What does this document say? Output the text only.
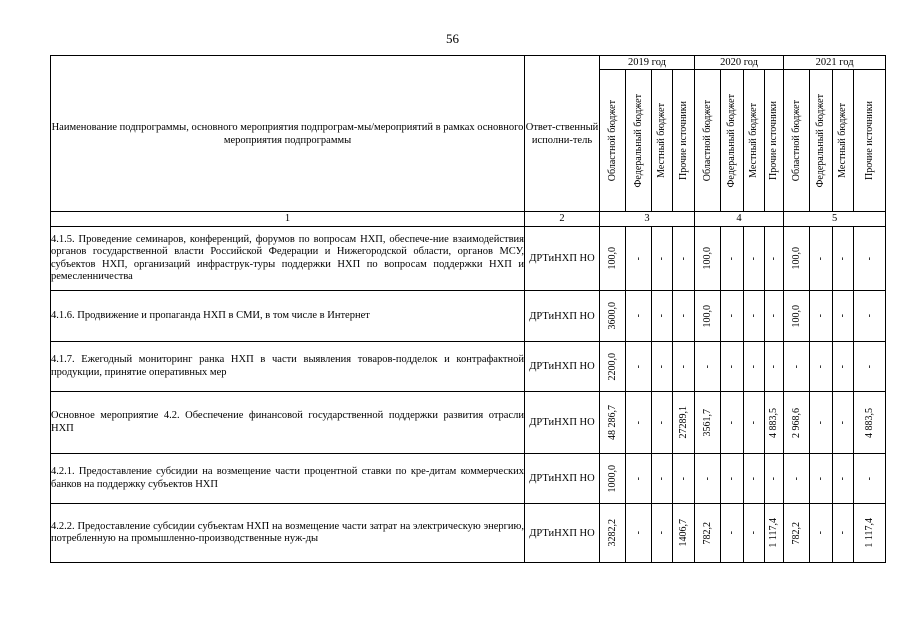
56
Наименование подпрограммы, основного мероприятия подпрограм-мы/мероприятий в рамках основного мероприятия подпрограммы	Ответ-ственный исполни-тель	2019 год				2020 год				2021 год			

		Областной бюджет	Федеральный бюджет	Местный бюджет	Прочие источники	Областной бюджет	Федеральный бюджет	Местный бюджет	Прочие источники	Областной бюджет	Федеральный бюджет	Местный бюджет	Прочие источники

1	2	3				4				5			
4.1.5. Проведение семинаров, конференций, форумов по вопросам НХП, обеспече-ние взаимодействия органов государственной власти Российской Федерации и Нижегородской области, органов МСУ, субъектов НХП, организаций инфраструк-туры поддержки НХП по вопросам поддержки НХП и ремесленничества	ДРТиНХП НО	100,0	-	-	-	100,0	-	-	-	100,0	-	-	-

4.1.6. Продвижение и пропаганда НХП в СМИ, в том числе в Интернет	ДРТиНХП НО	3600,0	-	-	-	100,0	-	-	-	100,0	-	-	-

4.1.7. Ежегодный мониторинг ранка НХП в части выявления товаров-подделок и контрафактной продукции, принятие оперативных мер	ДРТиНХП НО	2200,0	-	-	-	-	-	-	-	-	-	-	-

Основное мероприятие 4.2. Обеспечение финансовой государственной поддержки развития отрасли НХП	ДРТиНХП НО	48 286,7	-	-	27289,1	3561,7	-	-	4 883,5	2 968,6	-	-	4 883,5

4.2.1. Предоставление субсидии на возмещение части процентной ставки по кре-дитам коммерческих банков на поддержку субъектов НХП	ДРТиНХП НО	1000,0	-	-	-	-	-	-	-	-	-	-	-

4.2.2. Предоставление субсидии субъектам НХП на возмещение части затрат на электрическую энергию, потребленную на промышленно-производственные нуж-ды	ДРТиНХП НО	3282,2	-	-	1406,7	782,2	-	-	1 117,4	782,2	-	-	1 117,4
